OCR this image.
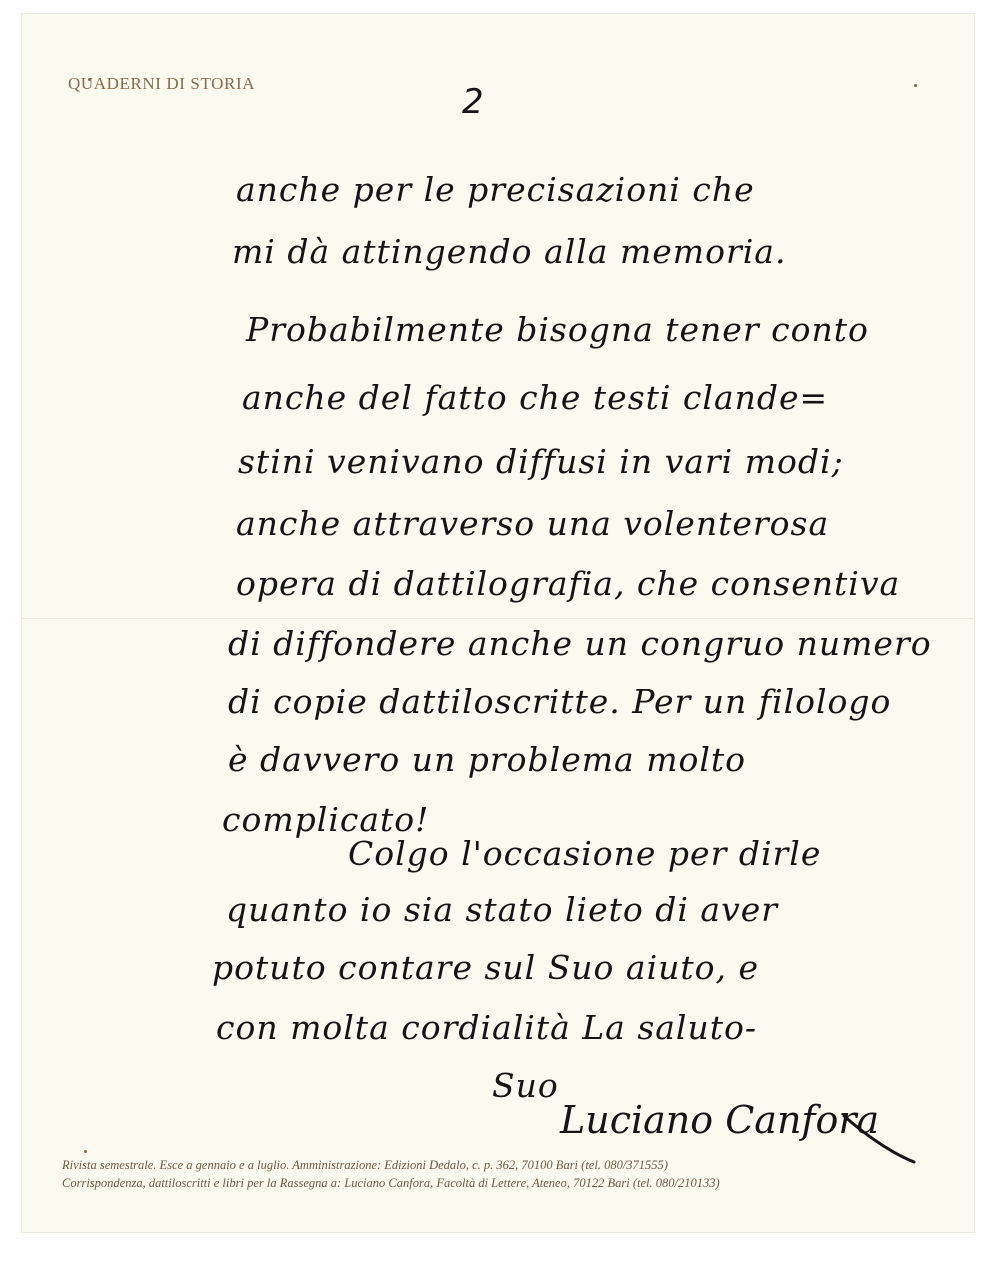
QUADERNI DI STORIA	2
anche per le precisazioni che
mi dà attingendo alla memoria.
Probabilmente bisogna tener conto
anche del fatto che testi clande=
stini venivano diffusi in vari modi;
anche attraverso una volenterosa
opera di dattilografia, che consentiva
di diffondere anche un congruo numero
di copie dattiloscritte. Per un filologo
è davvero un problema molto
complicato!
Colgo l'occasione per dirle
quanto io sia stato lieto di aver
potuto contare sul Suo aiuto, e
con molta cordialità La saluto-
Suo
Luciano Canfora
Rivista semestrale. Esce a gennaio e a luglio. Amministrazione: Edizioni Dedalo, c. p. 362, 70100 Bari (tel. 080/371555)
Corrispondenza, dattiloscritti e libri per la Rassegna a: Luciano Canfora, Facoltà di Lettere, Ateneo, 70122 Bari (tel. 080/210133)
